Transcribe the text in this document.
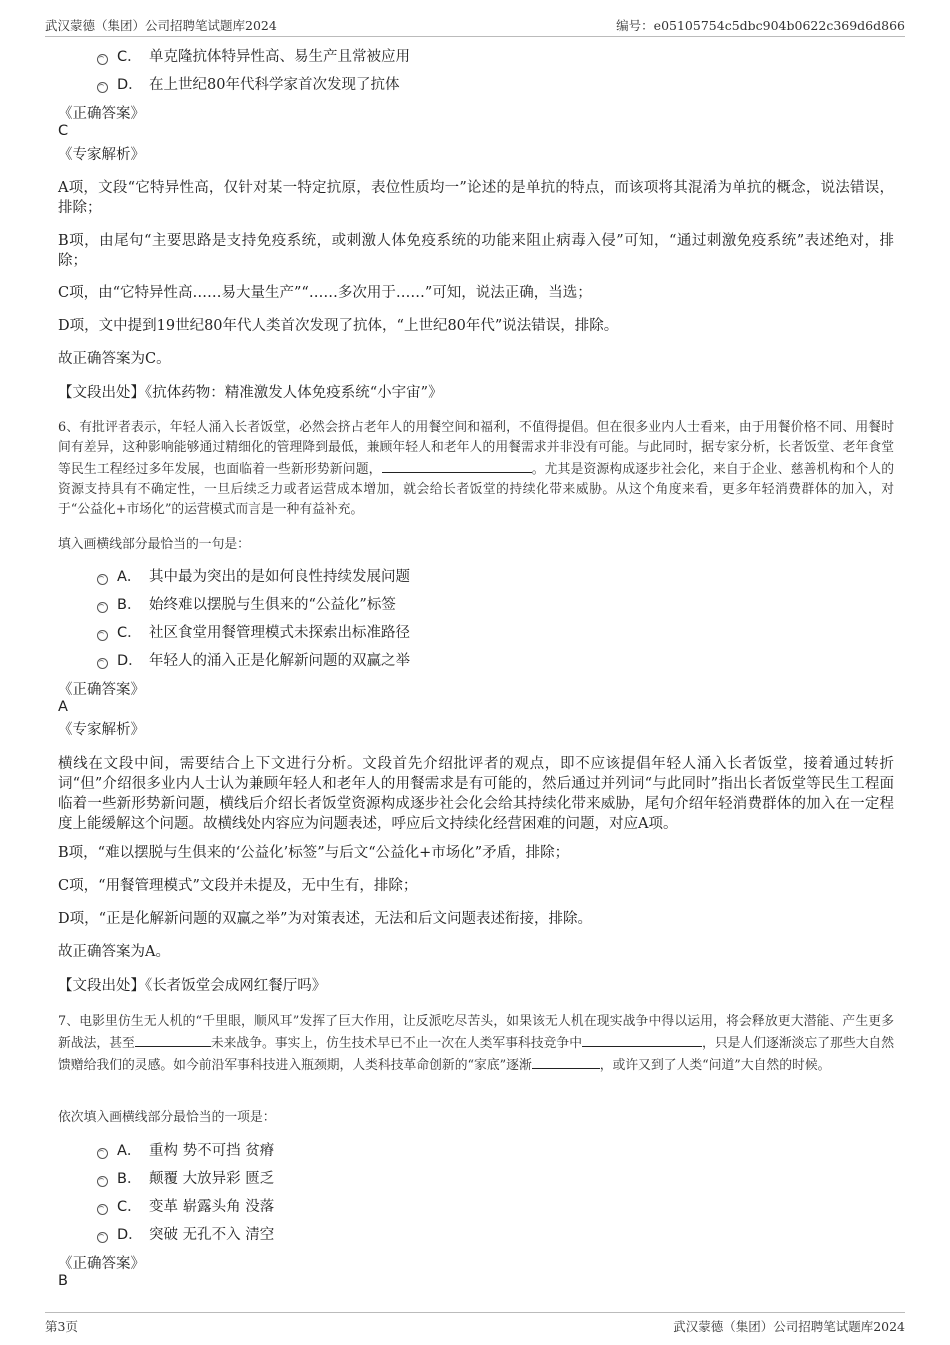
武汉蒙德（集团）公司招聘笔试题库2024	编号：e05105754c5dbc904b0622c369d6d866
C． 单克隆抗体特异性高、易生产且常被应用
D． 在上世纪80年代科学家首次发现了抗体
《正确答案》
C
《专家解析》
A项，文段“它特异性高，仅针对某一特定抗原，表位性质均一”论述的是单抗的特点，而该项将其混淆为单抗的概念，说法错误，排除；
B项，由尾句“主要思路是支持免疫系统，或刺激人体免疫系统的功能来阻止病毒入侵”可知，“通过刺激免疫系统”表述绝对，排除；
C项，由“它特异性高……易大量生产”“……多次用于……”可知，说法正确，当选；
D项，文中提到19世纪80年代人类首次发现了抗体，“上世纪80年代”说法错误，排除。
故正确答案为C。
【文段出处】《抗体药物：精准激发人体免疫系统“小宇宙”》
6、有批评者表示，年轻人涌入长者饭堂，必然会挤占老年人的用餐空间和福利，不值得提倡。但在很多业内人士看来，由于用餐价格不同、用餐时间有差异，这种影响能够通过精细化的管理降到最低，兼顾年轻人和老年人的用餐需求并非没有可能。与此同时，据专家分析，长者饭堂、老年食堂等民生工程经过多年发展，也面临着一些新形势新问题，	。尤其是资源构成逐步社会化，来自于企业、慈善机构和个人的资源支持具有不确定性，一旦后续乏力或者运营成本增加，就会给长者饭堂的持续化带来威胁。从这个角度来看，更多年轻消费群体的加入，对于“公益化+市场化”的运营模式而言是一种有益补充。
填入画横线部分最恰当的一句是：
A． 其中最为突出的是如何良性持续发展问题
B． 始终难以摆脱与生俱来的“公益化”标签
C． 社区食堂用餐管理模式未探索出标准路径
D． 年轻人的涌入正是化解新问题的双赢之举
《正确答案》
A
《专家解析》
横线在文段中间，需要结合上下文进行分析。文段首先介绍批评者的观点，即不应该提倡年轻人涌入长者饭堂，接着通过转折词“但”介绍很多业内人士认为兼顾年轻人和老年人的用餐需求是有可能的，然后通过并列词“与此同时”指出长者饭堂等民生工程面临着一些新形势新问题，横线后介绍长者饭堂资源构成逐步社会化会给其持续化带来威胁，尾句介绍年轻消费群体的加入在一定程度上能缓解这个问题。故横线处内容应为问题表述，呼应后文持续化经营困难的问题，对应A项。
B项，“难以摆脱与生俱来的‘公益化’标签”与后文“公益化+市场化”矛盾，排除；
C项，“用餐管理模式”文段并未提及，无中生有，排除；
D项，“正是化解新问题的双赢之举”为对策表述，无法和后文问题表述衔接，排除。
故正确答案为A。
【文段出处】《长者饭堂会成网红餐厅吗》
7、电影里仿生无人机的“千里眼，顺风耳”发挥了巨大作用，让反派吃尽苦头，如果该无人机在现实战争中得以运用，将会释放更大潜能、产生更多新战法，甚至	未来战争。事实上，仿生技术早已不止一次在人类军事科技竞争中	，只是人们逐渐淡忘了那些大自然馈赠给我们的灵感。如今前沿军事科技进入瓶颈期，人类科技革命创新的“家底”逐渐	，或许又到了人类“问道”大自然的时候。
依次填入画横线部分最恰当的一项是：
A． 重构 势不可挡 贫瘠
B． 颠覆 大放异彩 匮乏
C． 变革 崭露头角 没落
D． 突破 无孔不入 清空
《正确答案》
B
第3页	武汉蒙德（集团）公司招聘笔试题库2024
